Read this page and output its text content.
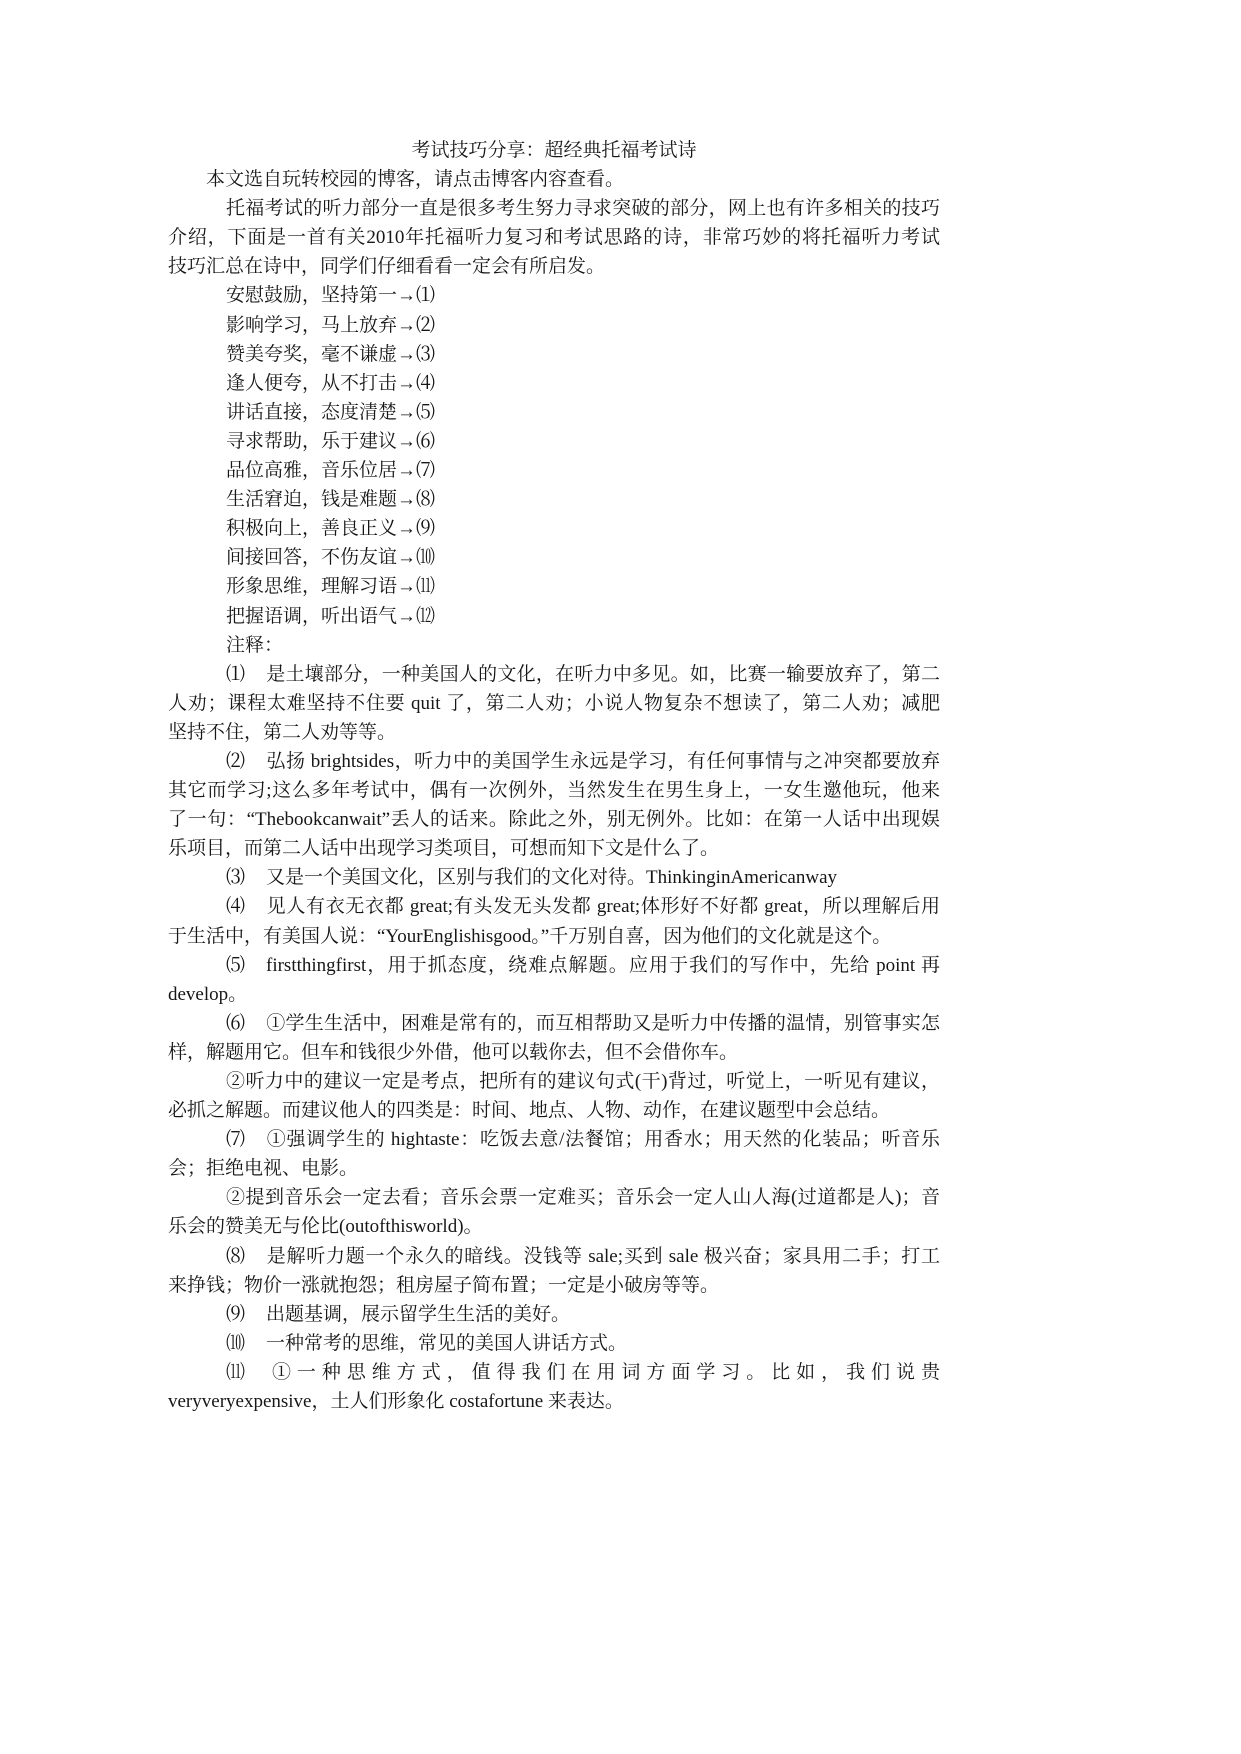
考试技巧分享：超经典托福考试诗
本文选自玩转校园的博客，请点击博客内容查看。
托福考试的听力部分一直是很多考生努力寻求突破的部分，网上也有许多相关的技巧
介绍，下面是一首有关2010年托福听力复习和考试思路的诗，非常巧妙的将托福听力考试
技巧汇总在诗中，同学们仔细看看一定会有所启发。
安慰鼓励，坚持第一→⑴
影响学习，马上放弃→⑵
赞美夸奖，毫不谦虚→⑶
逢人便夸，从不打击→⑷
讲话直接，态度清楚→⑸
寻求帮助，乐于建议→⑹
品位高雅，音乐位居→⑺
生活窘迫，钱是难题→⑻
积极向上，善良正义→⑼
间接回答，不伤友谊→⑽
形象思维，理解习语→⑾
把握语调，听出语气→⑿
注释：
⑴ 是土壤部分，一种美国人的文化，在听力中多见。如，比赛一输要放弃了，第二
人劝；课程太难坚持不住要 quit 了，第二人劝；小说人物复杂不想读了，第二人劝；减肥
坚持不住，第二人劝等等。
⑵ 弘扬 brightsides，听力中的美国学生永远是学习，有任何事情与之冲突都要放弃
其它而学习;这么多年考试中，偶有一次例外，当然发生在男生身上，一女生邀他玩，他来
了一句：“Thebookcanwait”丢人的话来。除此之外，别无例外。比如：在第一人话中出现娱
乐项目，而第二人话中出现学习类项目，可想而知下文是什么了。
⑶ 又是一个美国文化，区别与我们的文化对待。ThinkinginAmericanway
⑷ 见人有衣无衣都 great;有头发无头发都 great;体形好不好都 great，所以理解后用
于生活中，有美国人说：“YourEnglishisgood。”千万别自喜，因为他们的文化就是这个。
⑸ firstthingfirst，用于抓态度，绕难点解题。应用于我们的写作中，先给 point 再
develop。
⑹ ①学生生活中，困难是常有的，而互相帮助又是听力中传播的温情，别管事实怎
样，解题用它。但车和钱很少外借，他可以载你去，但不会借你车。
②听力中的建议一定是考点，把所有的建议句式(干)背过，听觉上，一听见有建议，
必抓之解题。而建议他人的四类是：时间、地点、人物、动作，在建议题型中会总结。
⑺ ①强调学生的 hightaste：吃饭去意/法餐馆；用香水；用天然的化装品；听音乐
会；拒绝电视、电影。
②提到音乐会一定去看；音乐会票一定难买；音乐会一定人山人海(过道都是人)；音
乐会的赞美无与伦比(outofthisworld)。
⑻ 是解听力题一个永久的暗线。没钱等 sale;买到 sale 极兴奋；家具用二手；打工
来挣钱；物价一涨就抱怨；租房屋子简布置；一定是小破房等等。
⑼ 出题基调，展示留学生生活的美好。
⑽ 一种常考的思维，常见的美国人讲话方式。
⑾ ①一种思维方式，值得我们在用词方面学习。比如，我们说贵
veryveryexpensive，土人们形象化 costafortune 来表达。
